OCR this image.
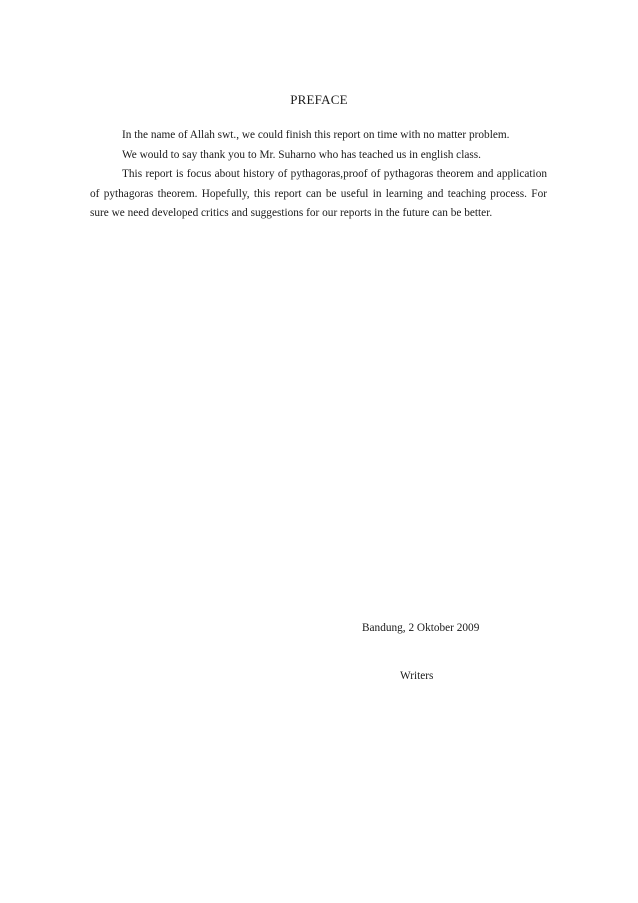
PREFACE

In the name of Allah swt., we could finish this report on time with no matter problem.

We would to say thank you to Mr. Suharno who has teached us in english class.

This report is focus about history of pythagoras,proof of pythagoras theorem and application of pythagoras theorem. Hopefully, this report can be useful in learning and teaching process. For sure we need developed critics and suggestions for our reports in the future can be better.

Bandung, 2 Oktober 2009
Writers
